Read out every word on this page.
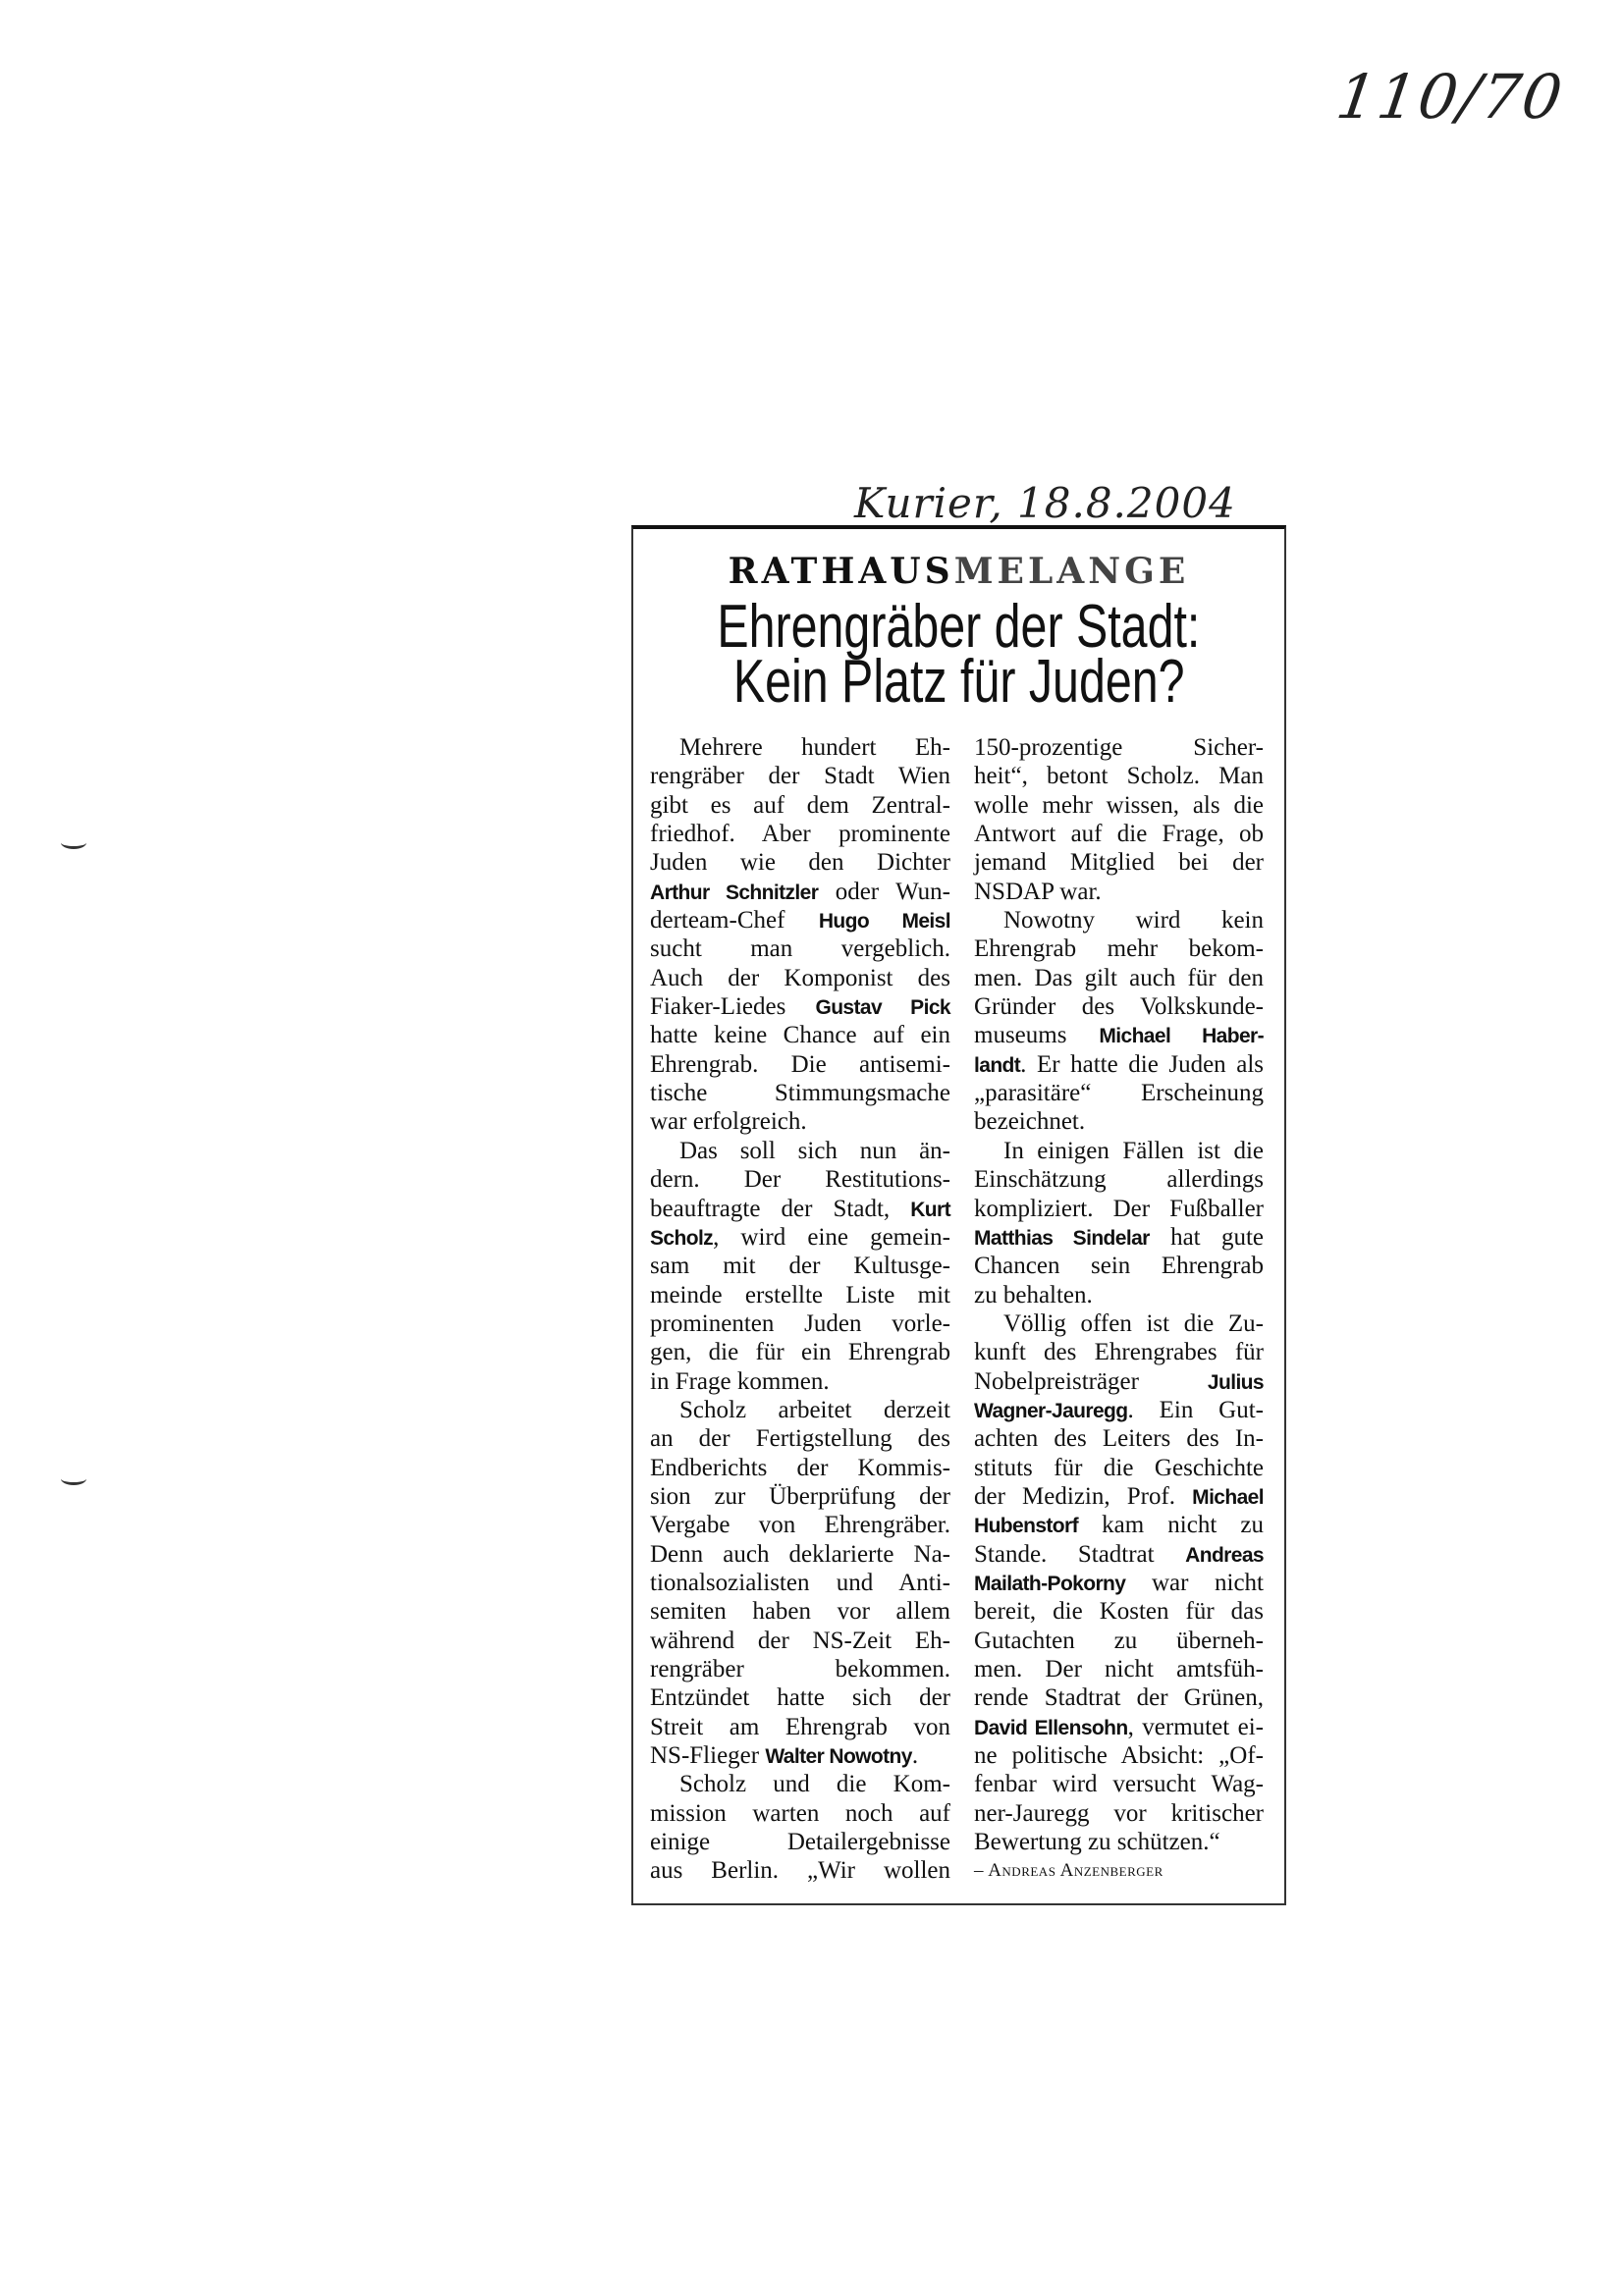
110/70
Kurier, 18.8.2004
RATHAUSMELANGE
Ehrengräber der Stadt:
Kein Platz für Juden?
Mehrere hundert Eh-
rengräber der Stadt Wien
gibt es auf dem Zentral-
friedhof. Aber prominente
Juden wie den Dichter
Arthur Schnitzler oder Wun-
derteam-Chef Hugo Meisl
sucht man vergeblich.
Auch der Komponist des
Fiaker-Liedes Gustav Pick
hatte keine Chance auf ein
Ehrengrab. Die antisemi-
tische Stimmungsmache
war erfolgreich.
Das soll sich nun än-
dern. Der Restitutions-
beauftragte der Stadt, Kurt
Scholz, wird eine gemein-
sam mit der Kultusge-
meinde erstellte Liste mit
prominenten Juden vorle-
gen, die für ein Ehrengrab
in Frage kommen.
Scholz arbeitet derzeit
an der Fertigstellung des
Endberichts der Kommis-
sion zur Überprüfung der
Vergabe von Ehrengräber.
Denn auch deklarierte Na-
tionalsozialisten und Anti-
semiten haben vor allem
während der NS-Zeit Eh-
rengräber bekommen.
Entzündet hatte sich der
Streit am Ehrengrab von
NS-Flieger Walter Nowotny.
Scholz und die Kom-
mission warten noch auf
einige Detailergebnisse
aus Berlin. „Wir wollen
150-prozentige Sicher-
heit“, betont Scholz. Man
wolle mehr wissen, als die
Antwort auf die Frage, ob
jemand Mitglied bei der
NSDAP war.
Nowotny wird kein
Ehrengrab mehr bekom-
men. Das gilt auch für den
Gründer des Volkskunde-
museums Michael Haber-
landt. Er hatte die Juden als
„parasitäre“ Erscheinung
bezeichnet.
In einigen Fällen ist die
Einschätzung allerdings
kompliziert. Der Fußballer
Matthias Sindelar hat gute
Chancen sein Ehrengrab
zu behalten.
Völlig offen ist die Zu-
kunft des Ehrengrabes für
Nobelpreisträger Julius
Wagner-Jauregg. Ein Gut-
achten des Leiters des In-
stituts für die Geschichte
der Medizin, Prof. Michael
Hubenstorf kam nicht zu
Stande. Stadtrat Andreas
Mailath-Pokorny war nicht
bereit, die Kosten für das
Gutachten zu überneh-
men. Der nicht amtsfüh-
rende Stadtrat der Grünen,
David Ellensohn, vermutet ei-
ne politische Absicht: „Of-
fenbar wird versucht Wag-
ner-Jauregg vor kritischer
Bewertung zu schützen.“
– Andreas Anzenberger
